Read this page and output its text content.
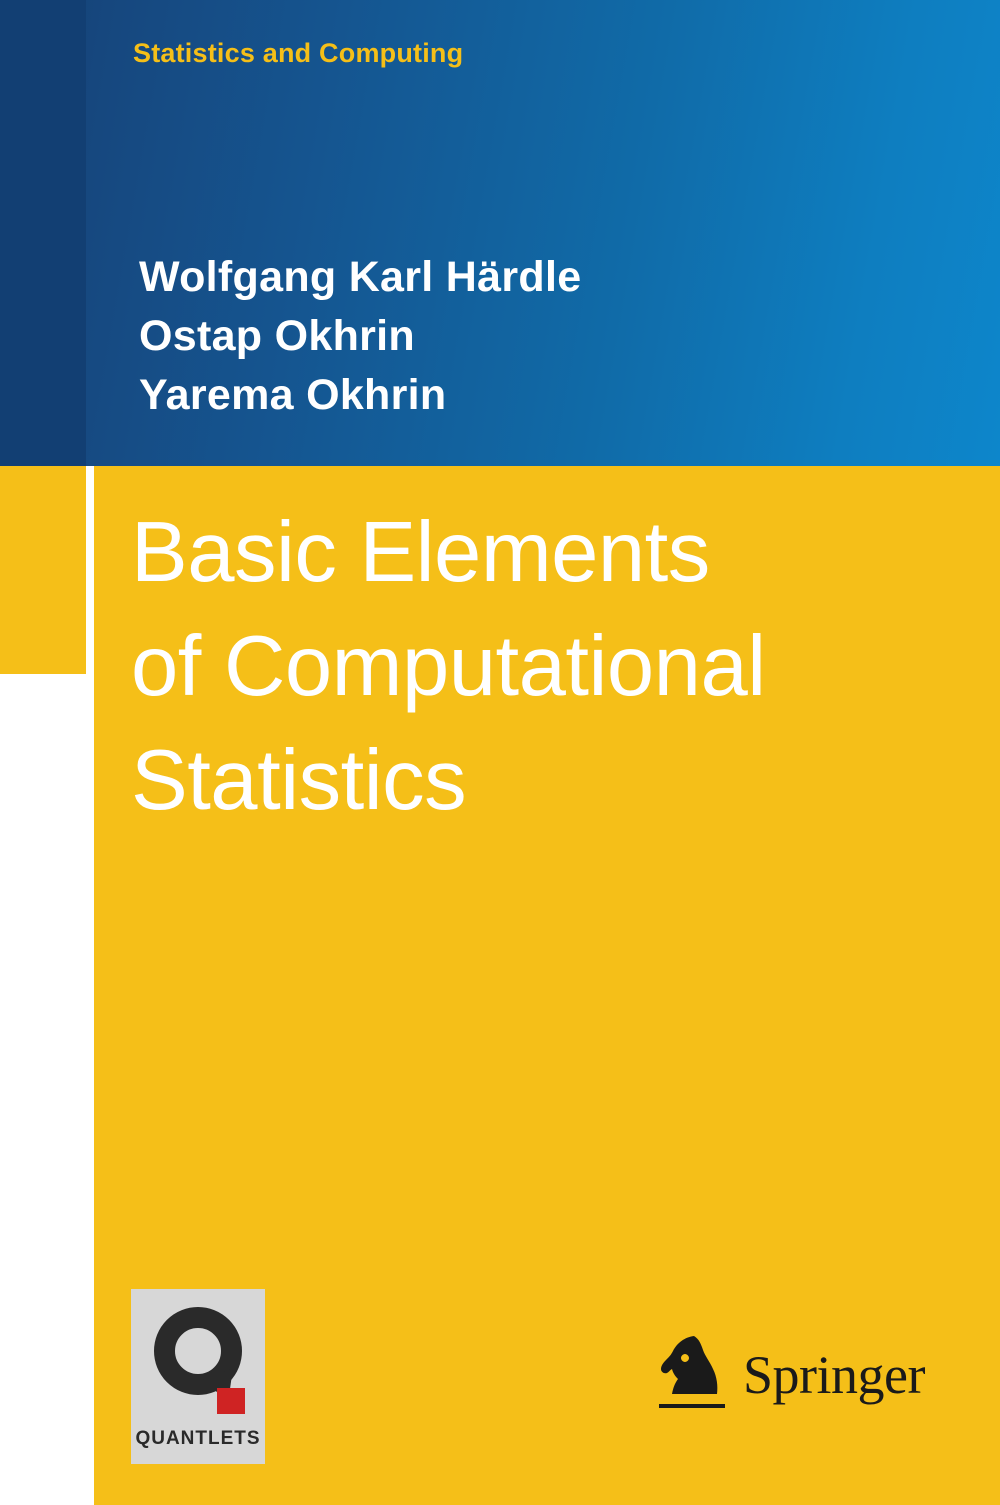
Statistics and Computing
Wolfgang Karl Härdle
Ostap Okhrin
Yarema Okhrin
Basic Elements
of Computational
Statistics
QUANTLETS
Springer
